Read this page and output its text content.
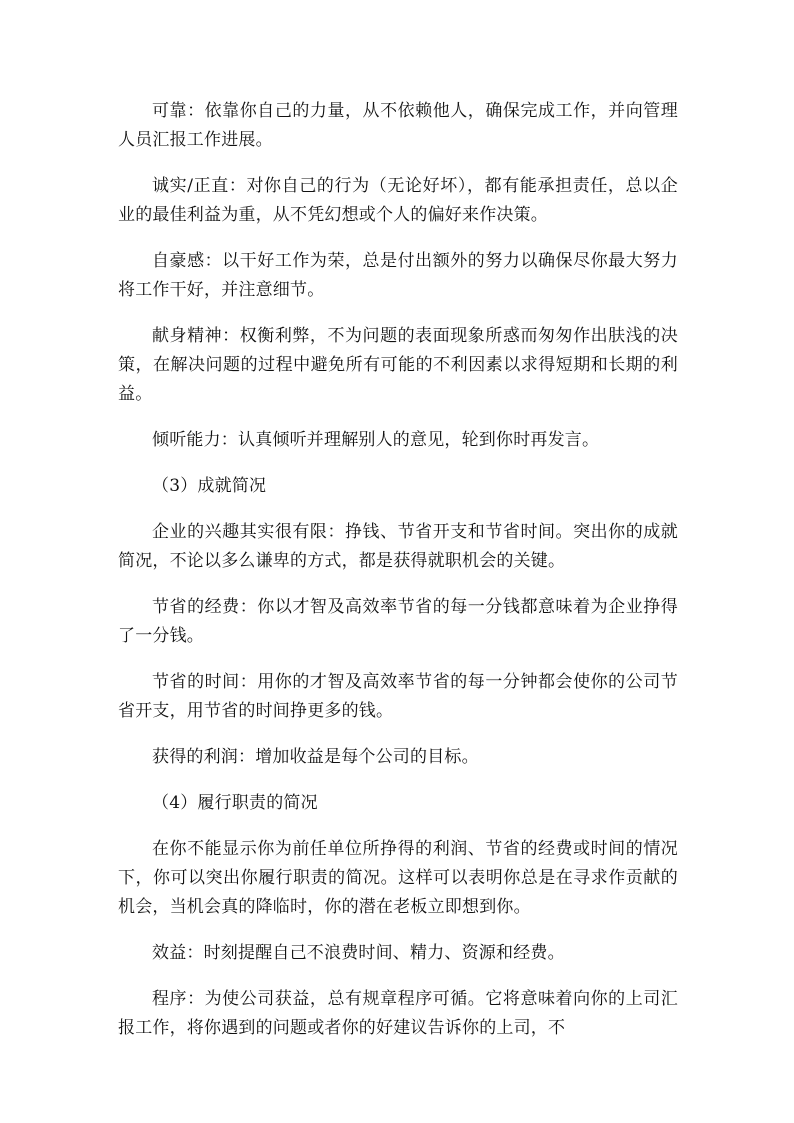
可靠：依靠你自己的力量，从不依赖他人，确保完成工作，并向管理人员汇报工作进展。

诚实/正直：对你自己的行为（无论好坏），都有能承担责任，总以企业的最佳利益为重，从不凭幻想或个人的偏好来作决策。

自豪感：以干好工作为荣，总是付出额外的努力以确保尽你最大努力将工作干好，并注意细节。

献身精神：权衡利弊，不为问题的表面现象所惑而匆匆作出肤浅的决策，在解决问题的过程中避免所有可能的不利因素以求得短期和长期的利益。

倾听能力：认真倾听并理解别人的意见，轮到你时再发言。

（3）成就简况

企业的兴趣其实很有限：挣钱、节省开支和节省时间。突出你的成就简况，不论以多么谦卑的方式，都是获得就职机会的关键。

节省的经费：你以才智及高效率节省的每一分钱都意味着为企业挣得了一分钱。

节省的时间：用你的才智及高效率节省的每一分钟都会使你的公司节省开支，用节省的时间挣更多的钱。

获得的利润：增加收益是每个公司的目标。

（4）履行职责的简况

在你不能显示你为前任单位所挣得的利润、节省的经费或时间的情况下，你可以突出你履行职责的简况。这样可以表明你总是在寻求作贡献的机会，当机会真的降临时，你的潜在老板立即想到你。

效益：时刻提醒自己不浪费时间、精力、资源和经费。

程序：为使公司获益，总有规章程序可循。它将意味着向你的上司汇报工作，将你遇到的问题或者你的好建议告诉你的上司，不
